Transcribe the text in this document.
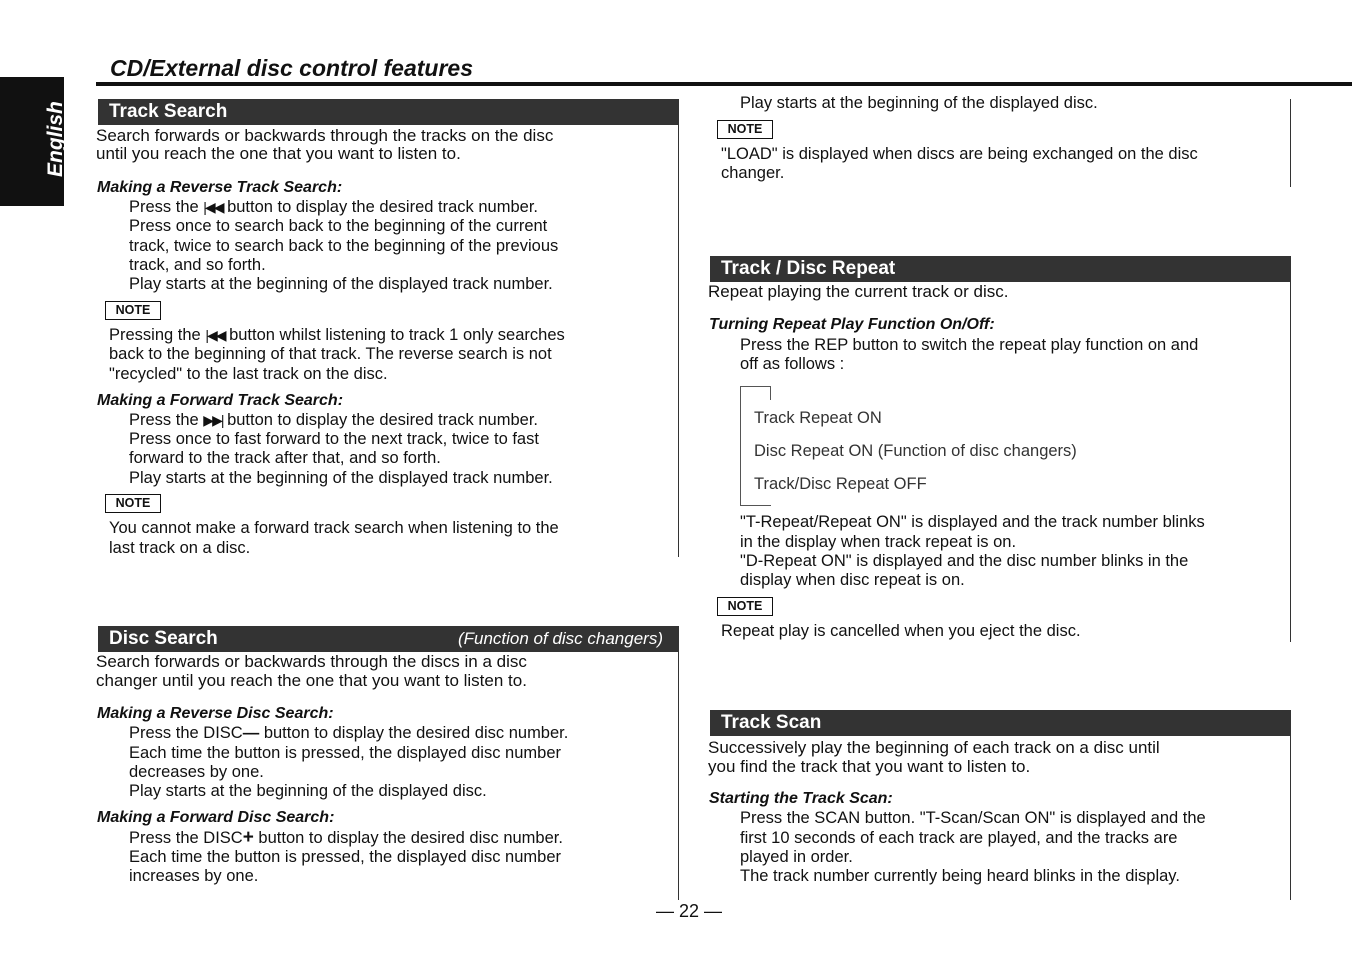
English
CD/External disc control features
Track Search
Search forwards or backwards through the tracks on the disc
until you reach the one that you want to listen to.
Making a Reverse Track Search:
Press the |◀◀ button to display the desired track number.
Press once to search back to the beginning of the current
track, twice to search back to the beginning of the previous
track, and so forth.
Play starts at the beginning of the displayed track number.
NOTE
Pressing the |◀◀ button whilst listening to track 1 only searches
back to the beginning of that track. The reverse search is not
"recycled" to the last track on the disc.
Making a Forward Track Search:
Press the ▶▶| button to display the desired track number.
Press once to fast forward to the next track, twice to fast
forward to the track after that, and so forth.
Play starts at the beginning of the displayed track number.
NOTE
You cannot make a forward track search when listening to the
last track on a disc.
Disc Search	(Function of disc changers)
Search forwards or backwards through the discs in a disc
changer until you reach the one that you want to listen to.
Making a Reverse Disc Search:
Press the DISC— button to display the desired disc number.
Each time the button is pressed, the displayed disc number
decreases by one.
Play starts at the beginning of the displayed disc.
Making a Forward Disc Search:
Press the DISC+ button to display the desired disc number.
Each time the button is pressed, the displayed disc number
increases by one.
Play starts at the beginning of the displayed disc.
NOTE
"LOAD" is displayed when discs are being exchanged on the disc
changer.
Track / Disc Repeat
Repeat playing the current track or disc.
Turning Repeat Play Function On/Off:
Press the REP button to switch the repeat play function on and
off as follows :
Track Repeat ON
Disc Repeat ON (Function of disc changers)
Track/Disc Repeat OFF
"T-Repeat/Repeat ON" is displayed and the track number blinks
in the display when track repeat is on.
"D-Repeat ON" is displayed and the disc number blinks in the
display when disc repeat is on.
NOTE
Repeat play is cancelled when you eject the disc.
Track Scan
Successively play the beginning of each track on a disc until
you find the track that you want to listen to.
Starting the Track Scan:
Press the SCAN button. "T-Scan/Scan ON" is displayed and the
first 10 seconds of each track are played, and the tracks are
played in order.
The track number currently being heard blinks in the display.
— 22 —
